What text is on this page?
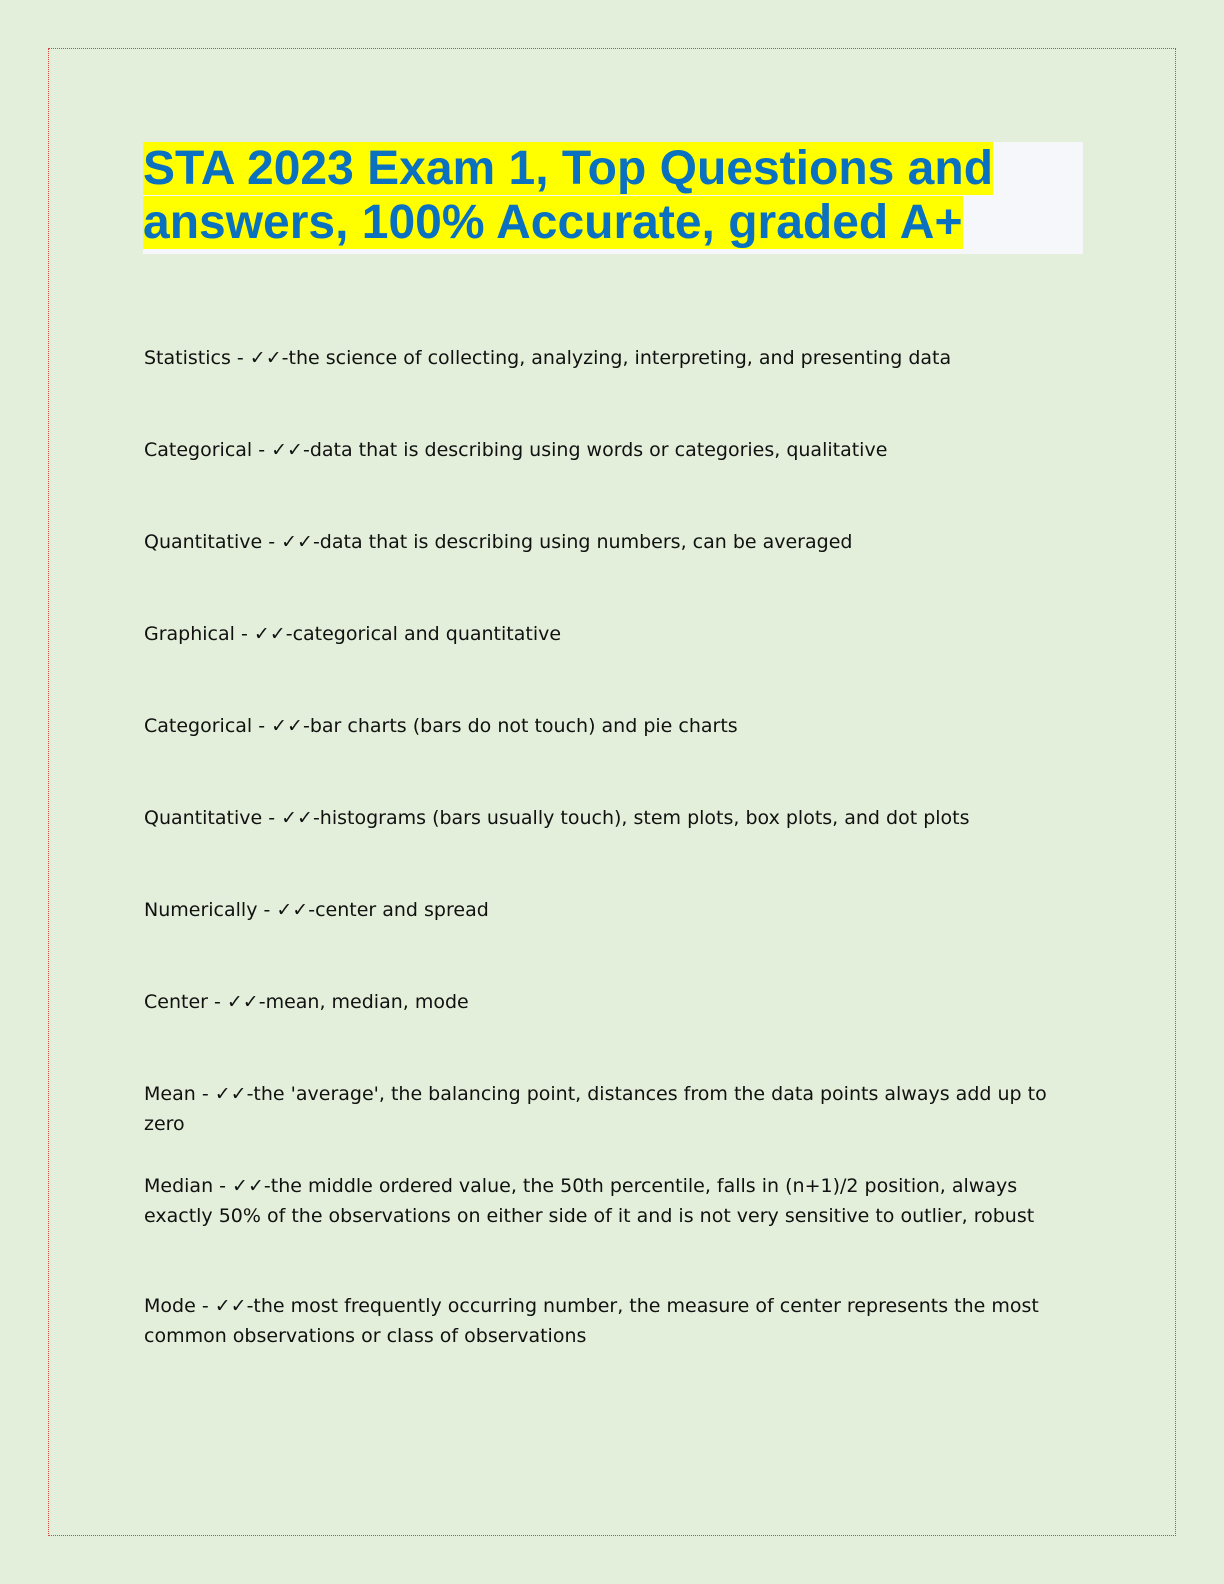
STA 2023 Exam 1, Top Questions and answers, 100% Accurate, graded A+
Statistics - ✓✓-the science of collecting, analyzing, interpreting, and presenting data
Categorical - ✓✓-data that is describing using words or categories, qualitative
Quantitative - ✓✓-data that is describing using numbers, can be averaged
Graphical - ✓✓-categorical and quantitative
Categorical - ✓✓-bar charts (bars do not touch) and pie charts
Quantitative - ✓✓-histograms (bars usually touch), stem plots, box plots, and dot plots
Numerically - ✓✓-center and spread
Center - ✓✓-mean, median, mode
Mean - ✓✓-the 'average', the balancing point, distances from the data points always add up to zero
Median - ✓✓-the middle ordered value, the 50th percentile, falls in (n+1)/2 position, always exactly 50% of the observations on either side of it and is not very sensitive to outlier, robust
Mode - ✓✓-the most frequently occurring number, the measure of center represents the most common observations or class of observations
